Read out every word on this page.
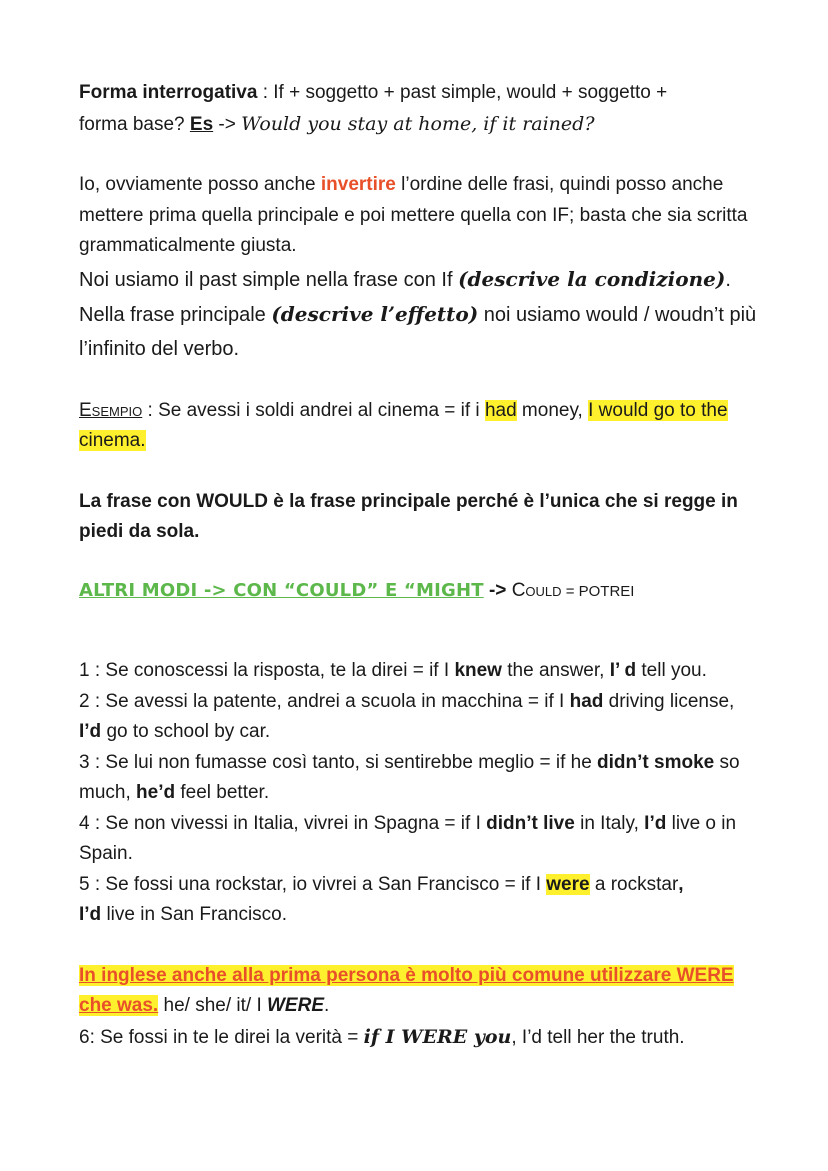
Forma interrogativa : If + soggetto + past simple, would + soggetto +
forma base? Es -> Would you stay at home, if it rained?

Io, ovviamente posso anche invertire l’ordine delle frasi, quindi posso anche mettere prima quella principale e poi mettere quella con IF; basta che sia scritta grammaticalmente giusta.

Noi usiamo il past simple nella frase con If (descrive la condizione). Nella frase principale (descrive l’effetto) noi usiamo would / woudn’t più l’infinito del verbo.

Esempio : Se avessi i soldi andrei al cinema = if i had money, I would go to the cinema.

La frase con WOULD è la frase principale perché è l’unica che si regge in piedi da sola.

ALTRI MODI -> CON “COULD” E “MIGHT -> Could = POTREI

1 : Se conoscessi la risposta, te la direi = if I knew the answer, I’ d tell you.

2 : Se avessi la patente, andrei a scuola in macchina = if I had driving license, I’d go to school by car.

3 : Se lui non fumasse così tanto, si sentirebbe meglio = if he didn’t smoke so much, he’d feel better.

4 : Se non vivessi in Italia, vivrei in Spagna = if I didn’t live in Italy, I’d live o in Spain.

5 : Se fossi una rockstar, io vivrei a San Francisco = if I were a rockstar,
I’d live in San Francisco.

In inglese anche alla prima persona è molto più comune utilizzare WERE che was. he/ she/ it/ I WERE.

6: Se fossi in te le direi la verità = if I WERE you, I’d tell her the truth.
